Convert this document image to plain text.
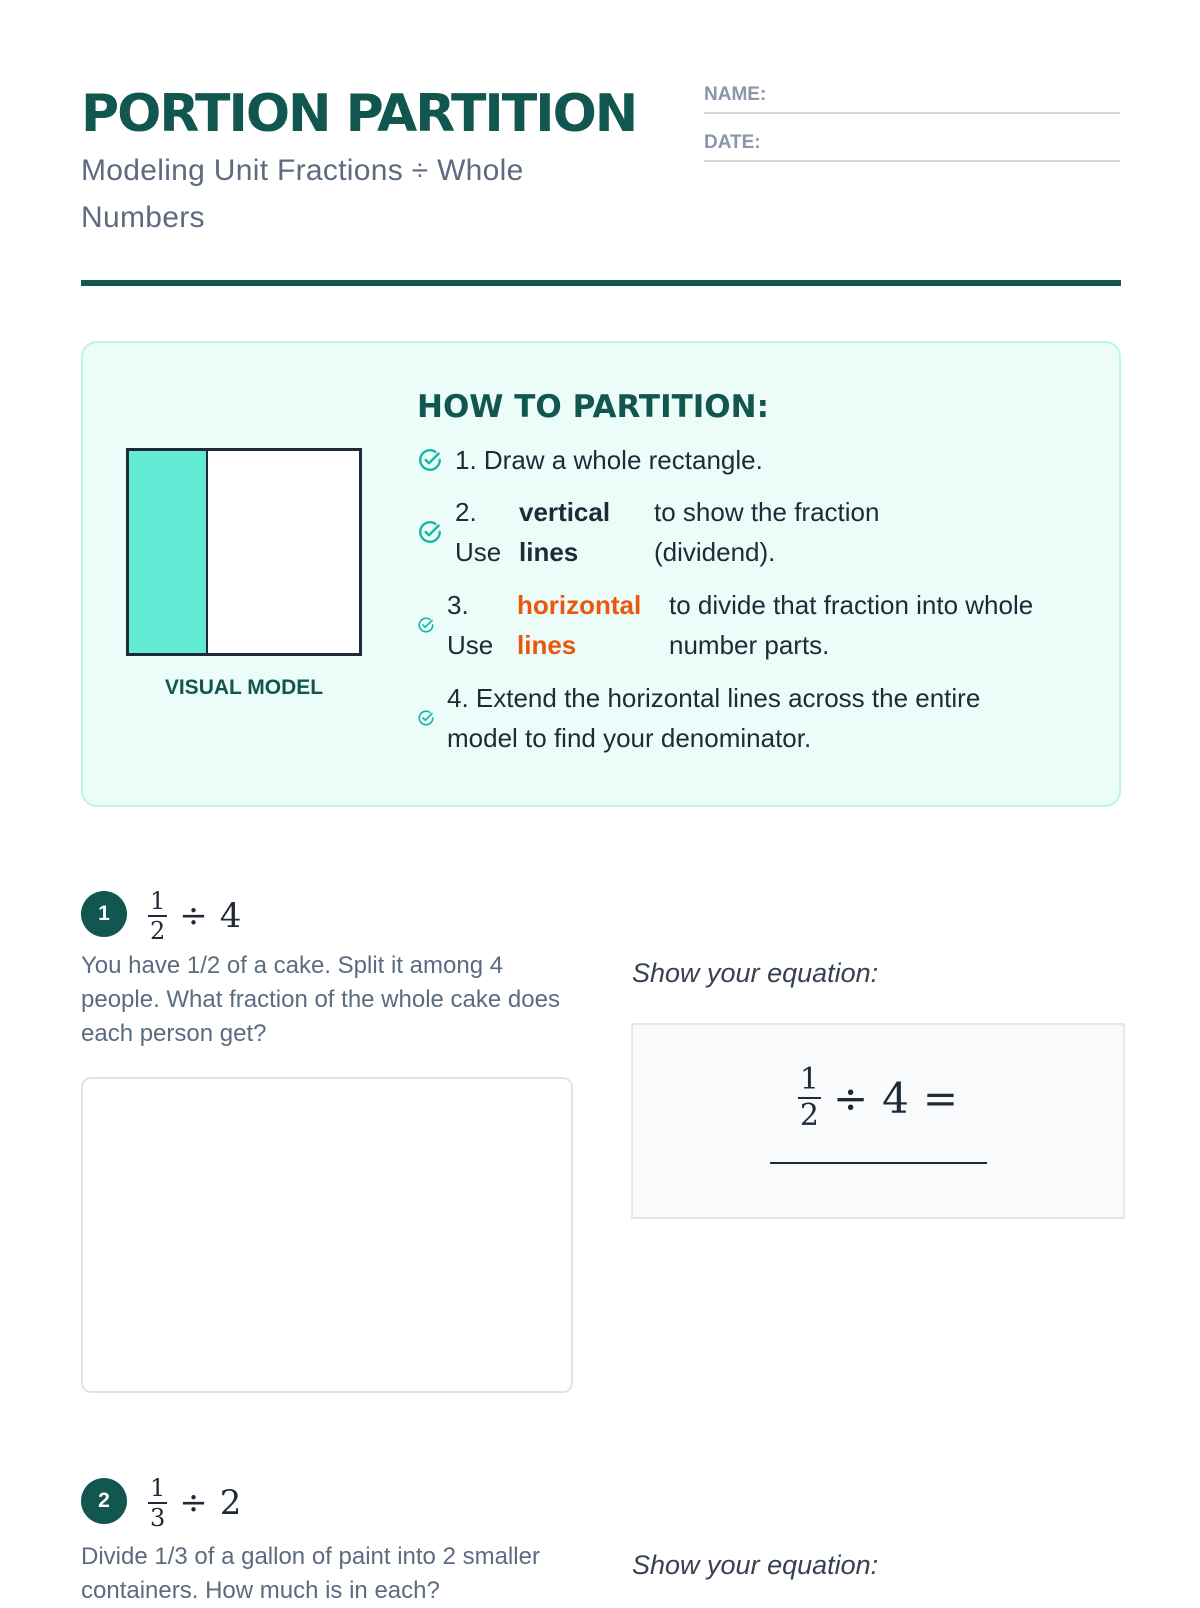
PORTION PARTITION

Modeling Unit Fractions ÷ Whole Numbers

NAME:
DATE:
VISUAL MODEL
HOW TO PARTITION:
1. Draw a whole rectangle.
2. Use
vertical lines
to show the fraction (dividend).
3. Use
horizontal lines
to divide that fraction into whole number parts.
4. Extend the horizontal lines across the entire model to find your denominator.
1	$\frac{1}{2} \div 4$

You have 1/2 of a cake. Split it among 4 people. What fraction of the whole cake does each person get?

Show your equation:
$\frac{1}{2} \div 4$ =
2	$\frac{1}{3} \div 2$

Divide 1/3 of a gallon of paint into 2 smaller containers. How much is in each?

Show your equation:
